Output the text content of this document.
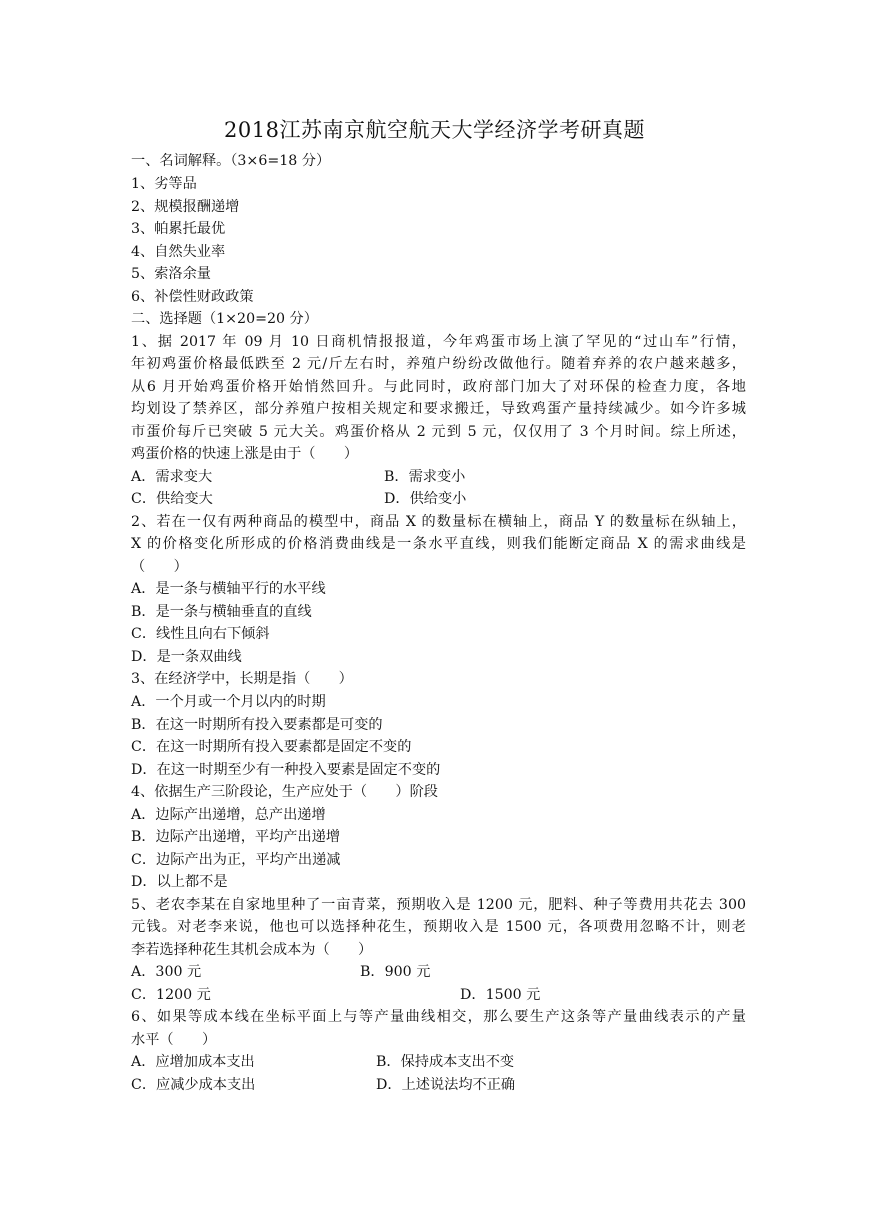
2018江苏南京航空航天大学经济学考研真题
一、名词解释。（3×6=18 分）
1、劣等品
2、规模报酬递增
3、帕累托最优
4、自然失业率
5、索洛余量
6、补偿性财政政策
二、选择题（1×20=20 分）
1、据 2017 年 09 月 10 日商机情报报道，今年鸡蛋市场上演了罕见的“过山车”行情，
年初鸡蛋价格最低跌至 2 元/斤左右时，养殖户纷纷改做他行。随着弃养的农户越来越多，
从6 月开始鸡蛋价格开始悄然回升。与此同时，政府部门加大了对环保的检查力度，各地
均划设了禁养区，部分养殖户按相关规定和要求搬迁，导致鸡蛋产量持续减少。如今许多城
市蛋价每斤已突破 5 元大关。鸡蛋价格从 2 元到 5 元，仅仅用了 3 个月时间。综上所述，
鸡蛋价格的快速上涨是由于（　　）
A．需求变大	B．需求变小
C．供给变大	D．供给变小
2、若在一仅有两种商品的模型中，商品 X 的数量标在横轴上，商品 Y 的数量标在纵轴上，
X 的价格变化所形成的价格消费曲线是一条水平直线，则我们能断定商品 X 的需求曲线是
（　　）
A．是一条与横轴平行的水平线
B．是一条与横轴垂直的直线
C．线性且向右下倾斜
D．是一条双曲线
3、在经济学中，长期是指（　　）
A．一个月或一个月以内的时期
B．在这一时期所有投入要素都是可变的
C．在这一时期所有投入要素都是固定不变的
D．在这一时期至少有一种投入要素是固定不变的
4、依据生产三阶段论，生产应处于（　　）阶段
A．边际产出递增，总产出递增
B．边际产出递增，平均产出递增
C．边际产出为正，平均产出递减
D．以上都不是
5、老农李某在自家地里种了一亩青菜，预期收入是 1200 元，肥料、种子等费用共花去 300
元钱。对老李来说，他也可以选择种花生，预期收入是 1500 元，各项费用忽略不计，则老
李若选择种花生其机会成本为（　　）
A．300 元	B．900 元
C．1200 元	D．1500 元
6、如果等成本线在坐标平面上与等产量曲线相交，那么要生产这条等产量曲线表示的产量
水平（　　）
A．应增加成本支出	B．保持成本支出不变
C．应减少成本支出	D．上述说法均不正确
